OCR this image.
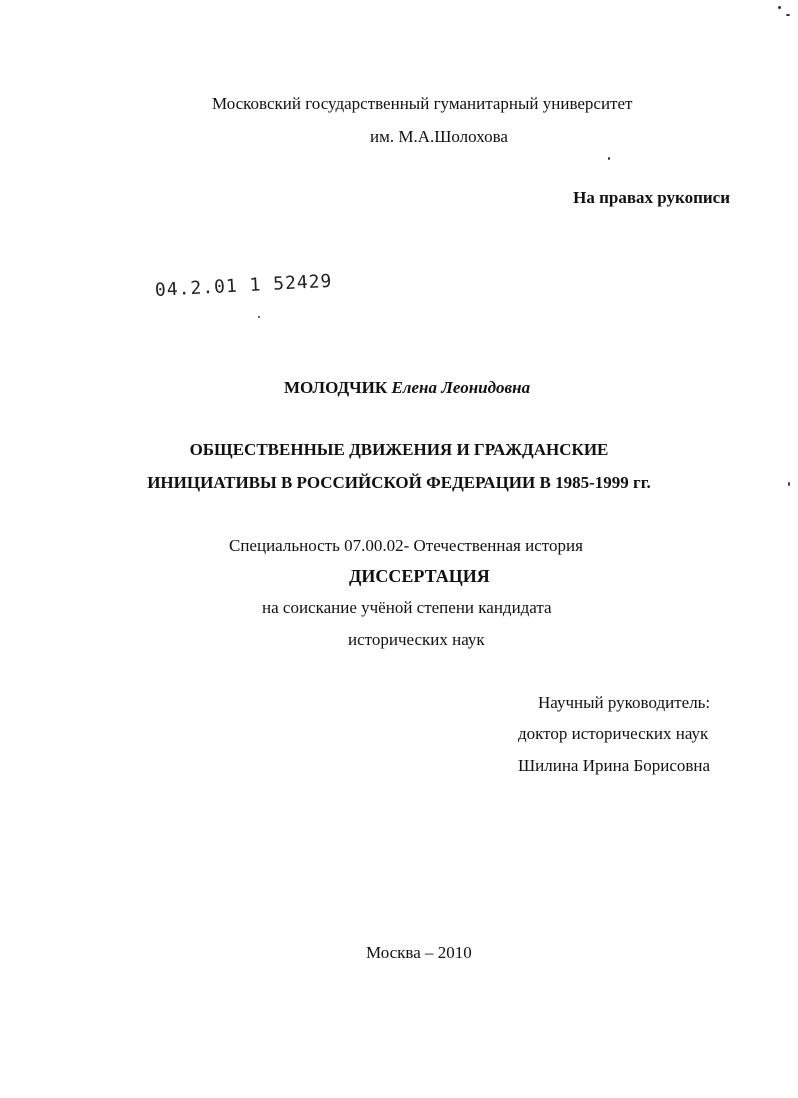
Московский государственный гуманитарный университет
им. М.А.Шолохова
На правах рукописи
04.2.01 1 52429
МОЛОДЧИК Елена Леонидовна
ОБЩЕСТВЕННЫЕ ДВИЖЕНИЯ И ГРАЖДАНСКИЕ
ИНИЦИАТИВЫ В РОССИЙСКОЙ ФЕДЕРАЦИИ В 1985-1999 гг.
Специальность 07.00.02- Отечественная история
ДИССЕРТАЦИЯ
на соискание учёной степени кандидата
исторических наук
Научный руководитель:
доктор исторических наук
Шилина Ирина Борисовна
Москва – 2010
